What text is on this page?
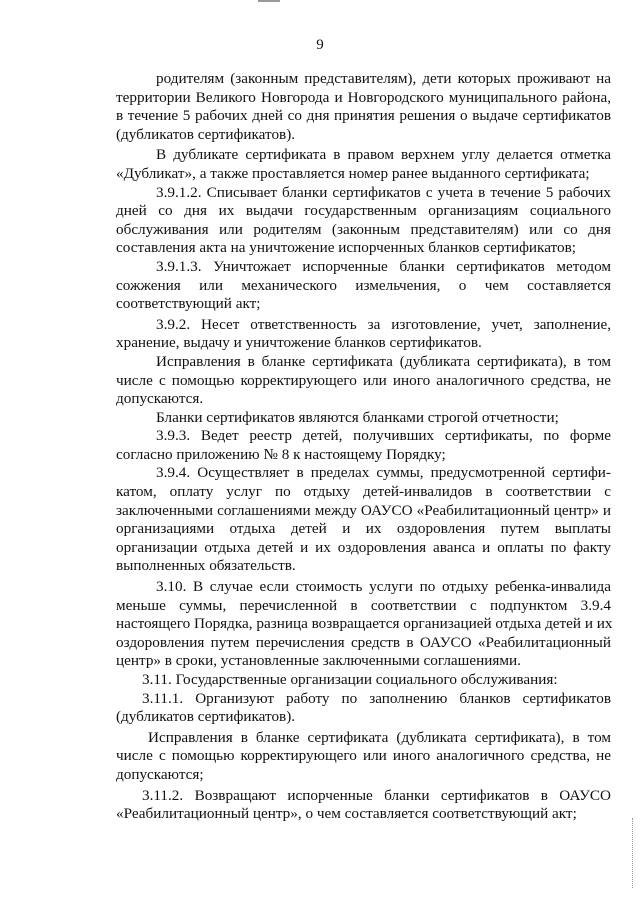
9
родителям (законным представителям), дети которых проживают на
территории Великого Новгорода и Новгородского муниципального района,
в течение 5 рабочих дней со дня принятия решения о выдаче сертификатов
(дубликатов сертификатов).
В дубликате сертификата в правом верхнем углу делается отметка
«Дубликат», а также проставляется номер ранее выданного сертификата;
3.9.1.2. Списывает бланки сертификатов с учета в течение 5 рабочих
дней со дня их выдачи государственным организациям социального
обслуживания или родителям (законным представителям) или со дня
составления акта на уничтожение испорченных бланков сертификатов;
3.9.1.3. Уничтожает испорченные бланки сертификатов методом
сожжения или механического измельчения, о чем составляется
соответствующий акт;
3.9.2. Несет ответственность за изготовление, учет, заполнение,
хранение, выдачу и уничтожение бланков сертификатов.
Исправления в бланке сертификата (дубликата сертификата), в том
числе с помощью корректирующего или иного аналогичного средства, не
допускаются.
Бланки сертификатов являются бланками строгой отчетности;
3.9.3. Ведет реестр детей, получивших сертификаты, по форме
согласно приложению № 8 к настоящему Порядку;
3.9.4. Осуществляет в пределах суммы, предусмотренной сертифи-
катом, оплату услуг по отдыху детей-инвалидов в соответствии с
заключенными соглашениями между ОАУСО «Реабилитационный центр» и
организациями отдыха детей и их оздоровления путем выплаты
организации отдыха детей и их оздоровления аванса и оплаты по факту
выполненных обязательств.
3.10. В случае если стоимость услуги по отдыху ребенка-инвалида
меньше суммы, перечисленной в соответствии с подпунктом 3.9.4
настоящего Порядка, разница возвращается организацией отдыха детей и их
оздоровления путем перечисления средств в ОАУСО «Реабилитационный
центр» в сроки, установленные заключенными соглашениями.
3.11. Государственные организации социального обслуживания:
3.11.1. Организуют работу по заполнению бланков сертификатов
(дубликатов сертификатов).
Исправления в бланке сертификата (дубликата сертификата), в том
числе с помощью корректирующего или иного аналогичного средства, не
допускаются;
3.11.2. Возвращают испорченные бланки сертификатов в ОАУСО
«Реабилитационный центр», о чем составляется соответствующий акт;
